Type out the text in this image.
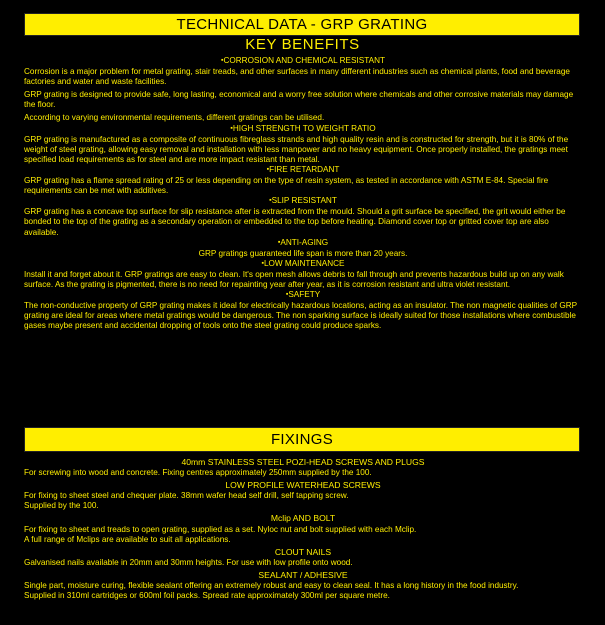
TECHNICAL DATA - GRP GRATING
KEY BENEFITS
▪CORROSION AND CHEMICAL RESISTANT

Corrosion is a major problem for metal grating, stair treads, and other surfaces in many different industries such as chemical plants, food and beverage factories and water and waste facilities.

GRP grating is designed to provide safe, long lasting, economical and a worry free solution where chemicals and other corrosive materials may damage the floor.

According to varying environmental requirements, different gratings can be utilised.

▪HIGH STRENGTH TO WEIGHT RATIO

GRP grating is manufactured as a composite of continuous fibreglass strands and high quality resin and is constructed for strength, but it is 80% of the weight of steel grating, allowing easy removal and installation with less manpower and no heavy equipment. Once properly installed, the gratings meet specified load requirements as for steel and are more impact resistant than metal.

▪FIRE RETARDANT

GRP grating has a flame spread rating of 25 or less depending on the type of resin system, as tested in accordance with ASTM E-84. Special fire requirements can be met with additives.

▪SLIP RESISTANT

GRP grating has a concave top surface for slip resistance after is extracted from the mould. Should a grit surface be specified, the grit would either be bonded to the top of the grating as a secondary operation or embedded to the top before heating. Diamond cover top or gritted cover top are also available.

▪ANTI-AGING

GRP gratings guaranteed life span is more than 20 years.

▪LOW MAINTENANCE

Install it and forget about it. GRP gratings are easy to clean. It's open mesh allows debris to fall through and prevents hazardous build up on any walk surface. As the grating is pigmented, there is no need for repainting year after year, as it is corrosion resistant and ultra violet resistant.

▪SAFETY

The non-conductive property of GRP grating makes it ideal for electrically hazardous locations, acting as an insulator. The non magnetic qualities of GRP grating are ideal for areas where metal gratings would be dangerous. The non sparking surface is ideally suited for those installations where combustible gases maybe present and accidental dropping of tools onto the steel grating could produce sparks.

FIXINGS
40mm STAINLESS STEEL POZI-HEAD SCREWS AND PLUGS

For screwing into wood and concrete. Fixing centres approximately 250mm supplied by the 100.

LOW PROFILE WATERHEAD SCREWS

For fixing to sheet steel and chequer plate. 38mm wafer head self drill, self tapping screw.

Supplied by the 100.

Mclip AND BOLT

For fixing to sheet and treads to open grating, supplied as a set. Nyloc nut and bolt supplied with each Mclip.

A full range of Mclips are available to suit all applications.

CLOUT NAILS

Galvanised nails available in 20mm and 30mm heights. For use with low profile onto wood.

SEALANT / ADHESIVE

Single part, moisture curing, flexible sealant offering an extremely robust and easy to clean seal. It has a long history in the food industry.

Supplied in 310ml cartridges or 600ml foil packs. Spread rate approximately 300ml per square metre.
